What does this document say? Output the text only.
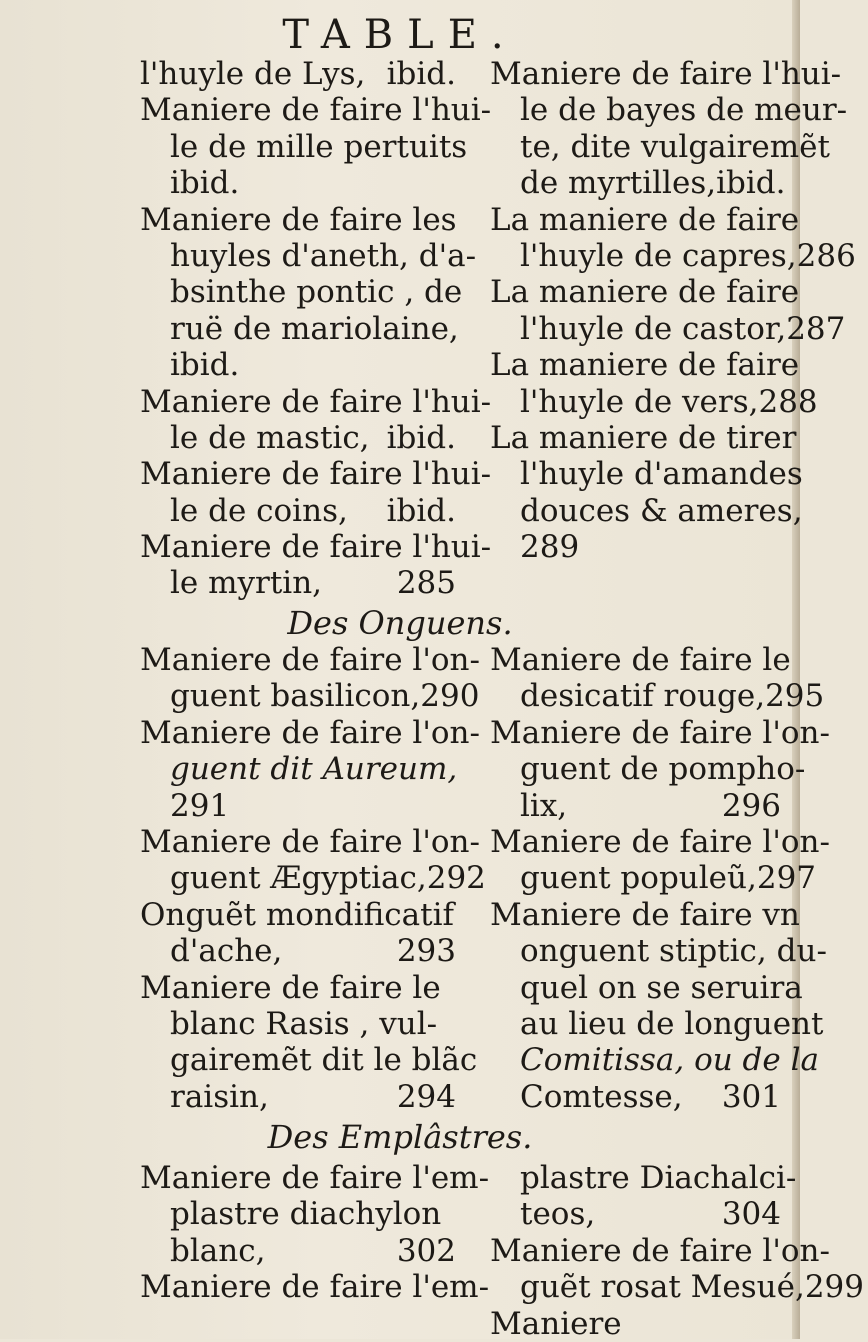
TABLE.
l'huyle de Lys, ibid.
Maniere de faire l'hui-
le de mille pertuits
ibid.
Maniere de faire les
huyles d'aneth, d'a-
bsinthe pontic , de
ruë de mariolaine,
ibid.
Maniere de faire l'hui-
le de mastic, ibid.
Maniere de faire l'hui-
le de coins, ibid.
Maniere de faire l'hui-
le myrtin, 285
Maniere de faire l'hui-
le de bayes de meur-
te, dite vulgairemẽt
de myrtilles, ibid.
La maniere de faire
l'huyle de capres, 286
La maniere de faire
l'huyle de castor, 287
La maniere de faire
l'huyle de vers, 288
La maniere de tirer
l'huyle d'amandes
douces & ameres,
289
Des Onguens.
Maniere de faire l'on-
guent basilicon, 290
Maniere de faire l'on-
guent dit Aureum,
291
Maniere de faire l'on-
guent Ægyptiac, 292
Onguẽt mondificatif
d'ache,	293
Maniere de faire le
blanc Rasis , vul-
gairemẽt dit le blãc
raisin,	294
Maniere de faire le
desicatif rouge, 295
Maniere de faire l'on-
guent de pompho-
lix,	296
Maniere de faire l'on-
guent populeũ, 297
Maniere de faire vn
onguent stiptic, du-
quel on se seruira
au lieu de longuent
Comitissa, ou de la
Comtesse, 301
Des Emplâstres.
Maniere de faire l'em-
plastre diachylon
blanc,	302
Maniere de faire l'em-
plastre Diachalci-
teos,	304
Maniere de faire l'on-
guẽt rosat Mesué, 299
Maniere
